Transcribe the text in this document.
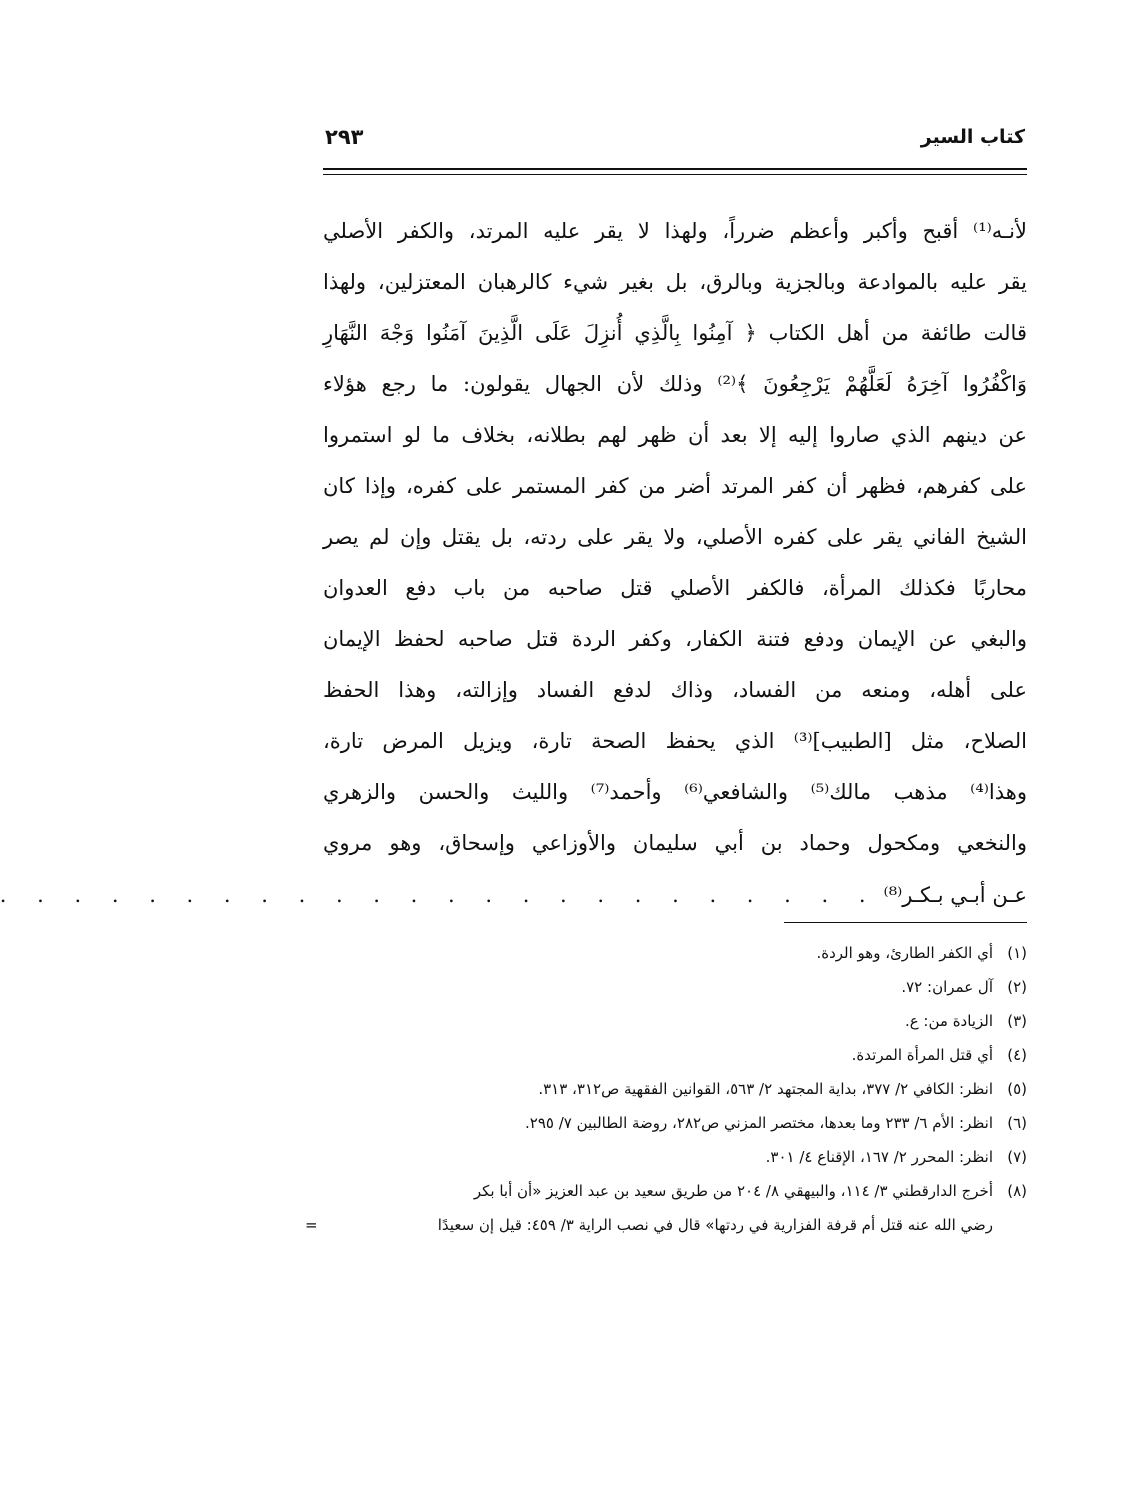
كتاب السير
٢٩٣
لأنـه⁽¹⁾ أقبح وأكبر وأعظم ضرراً، ولهذا لا يقر عليه المرتد، والكفر الأصلي
يقر عليه بالموادعة وبالجزية وبالرق، بل بغير شيء كالرهبان المعتزلين، ولهذا
قالت طائفة من أهل الكتاب ﴿ آمِنُوا بِالَّذِي أُنزِلَ عَلَى الَّذِينَ آمَنُوا وَجْهَ النَّهَارِ
وَاكْفُرُوا آخِرَهُ لَعَلَّهُمْ يَرْجِعُونَ ﴾⁽²⁾ وذلك لأن الجهال يقولون: ما رجع هؤلاء
عن دينهم الذي صاروا إليه إلا بعد أن ظهر لهم بطلانه، بخلاف ما لو استمروا
على كفرهم، فظهر أن كفر المرتد أضر من كفر المستمر على كفره، وإذا كان
الشيخ الفاني يقر على كفره الأصلي، ولا يقر على ردته، بل يقتل وإن لم يصر
محاربًا فكذلك المرأة، فالكفر الأصلي قتل صاحبه من باب دفع العدوان
والبغي عن الإيمان ودفع فتنة الكفار، وكفر الردة قتل صاحبه لحفظ الإيمان
على أهله، ومنعه من الفساد، وذاك لدفع الفساد وإزالته، وهذا الحفظ
الصلاح، مثل [الطبيب]⁽³⁾ الذي يحفظ الصحة تارة، ويزيل المرض تارة،
وهذا⁽⁴⁾ مذهب مالك⁽⁵⁾ والشافعي⁽⁶⁾ وأحمد⁽⁷⁾ والليث والحسن والزهري
والنخعي ومكحول وحماد بن أبي سليمان والأوزاعي وإسحاق، وهو مروي
عـن أبـي بـكـر⁽⁸⁾
. . . . . . . . . . . . . . . . . . . . . . . .
(١)أي الكفر الطارئ، وهو الردة.
(٢)آل عمران: ٧٢.
(٣)الزيادة من: ع.
(٤)أي قتل المرأة المرتدة.
(٥)انظر: الكافي ٢/ ٣٧٧، بداية المجتهد ٢/ ٥٦٣، القوانين الفقهية ص٣١٢، ٣١٣.
(٦)انظر: الأم ٦/ ٢٣٣ وما بعدها، مختصر المزني ص٢٨٢، روضة الطالبين ٧/ ٢٩٥.
(٧)انظر: المحرر ٢/ ١٦٧، الإقناع ٤/ ٣٠١.
(٨)أخرج الدارقطني ٣/ ١١٤، والبيهقي ٨/ ٢٠٤ من طريق سعيد بن عبد العزيز «أن أبا بكر
رضي الله عنه قتل أم قرفة الفزارية في ردتها» قال في نصب الراية ٣/ ٤٥٩: قيل إن سعيدًا
=
